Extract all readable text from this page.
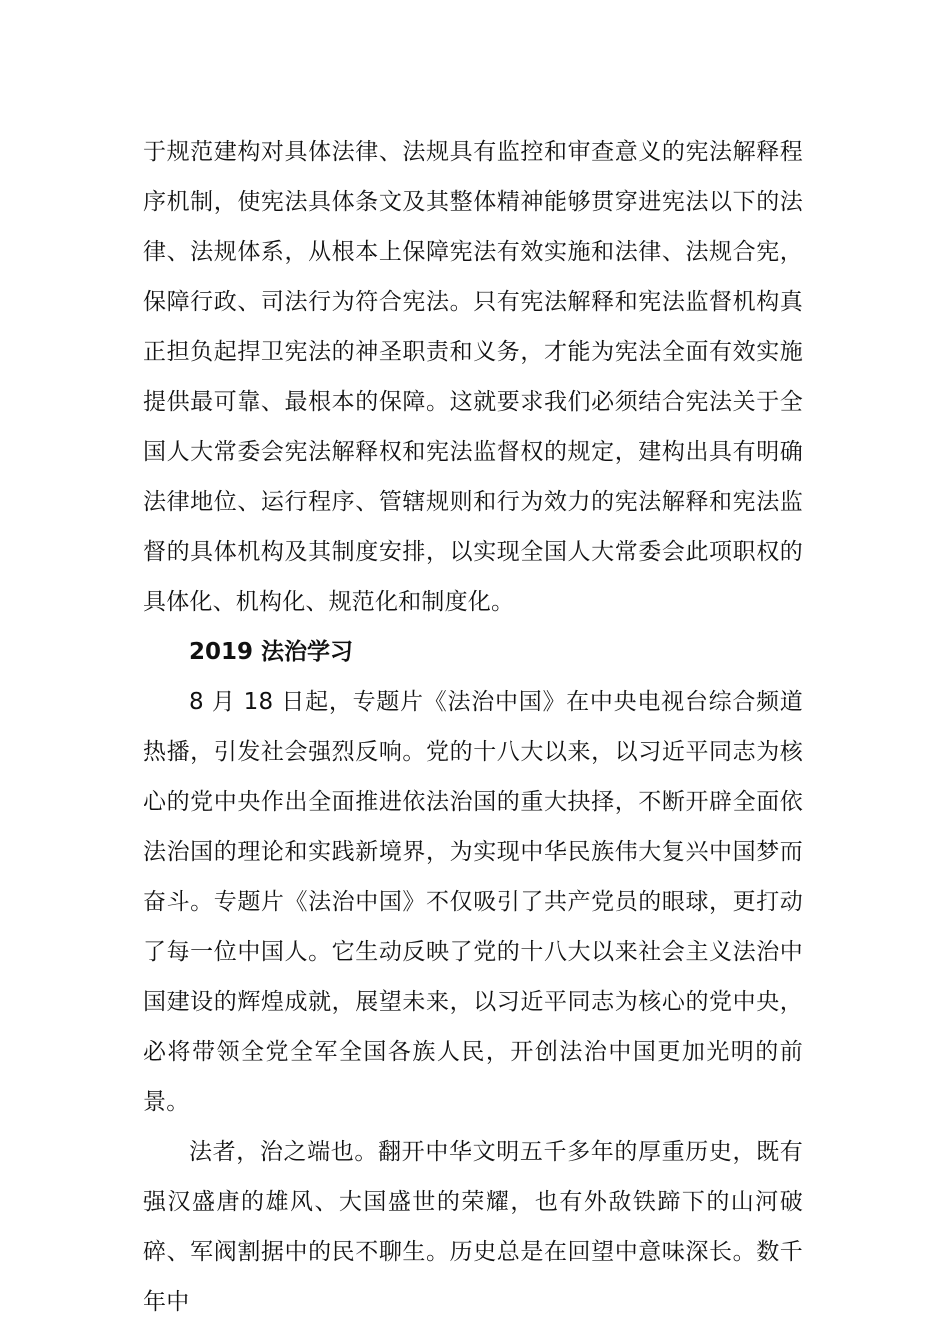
于规范建构对具体法律、法规具有监控和审查意义的宪法解释程序机制，使宪法具体条文及其整体精神能够贯穿进宪法以下的法律、法规体系，从根本上保障宪法有效实施和法律、法规合宪，保障行政、司法行为符合宪法。只有宪法解释和宪法监督机构真正担负起捍卫宪法的神圣职责和义务，才能为宪法全面有效实施提供最可靠、最根本的保障。这就要求我们必须结合宪法关于全国人大常委会宪法解释权和宪法监督权的规定，建构出具有明确法律地位、运行程序、管辖规则和行为效力的宪法解释和宪法监督的具体机构及其制度安排，以实现全国人大常委会此项职权的具体化、机构化、规范化和制度化。

2019 法治学习

8 月 18 日起，专题片《法治中国》在中央电视台综合频道热播，引发社会强烈反响。党的十八大以来，以习近平同志为核心的党中央作出全面推进依法治国的重大抉择，不断开辟全面依法治国的理论和实践新境界，为实现中华民族伟大复兴中国梦而奋斗。专题片《法治中国》不仅吸引了共产党员的眼球，更打动了每一位中国人。它生动反映了党的十八大以来社会主义法治中国建设的辉煌成就，展望未来，以习近平同志为核心的党中央，必将带领全党全军全国各族人民，开创法治中国更加光明的前景。

法者，治之端也。翻开中华文明五千多年的厚重历史，既有强汉盛唐的雄风、大国盛世的荣耀，也有外敌铁蹄下的山河破碎、军阀割据中的民不聊生。历史总是在回望中意味深长。数千年中
